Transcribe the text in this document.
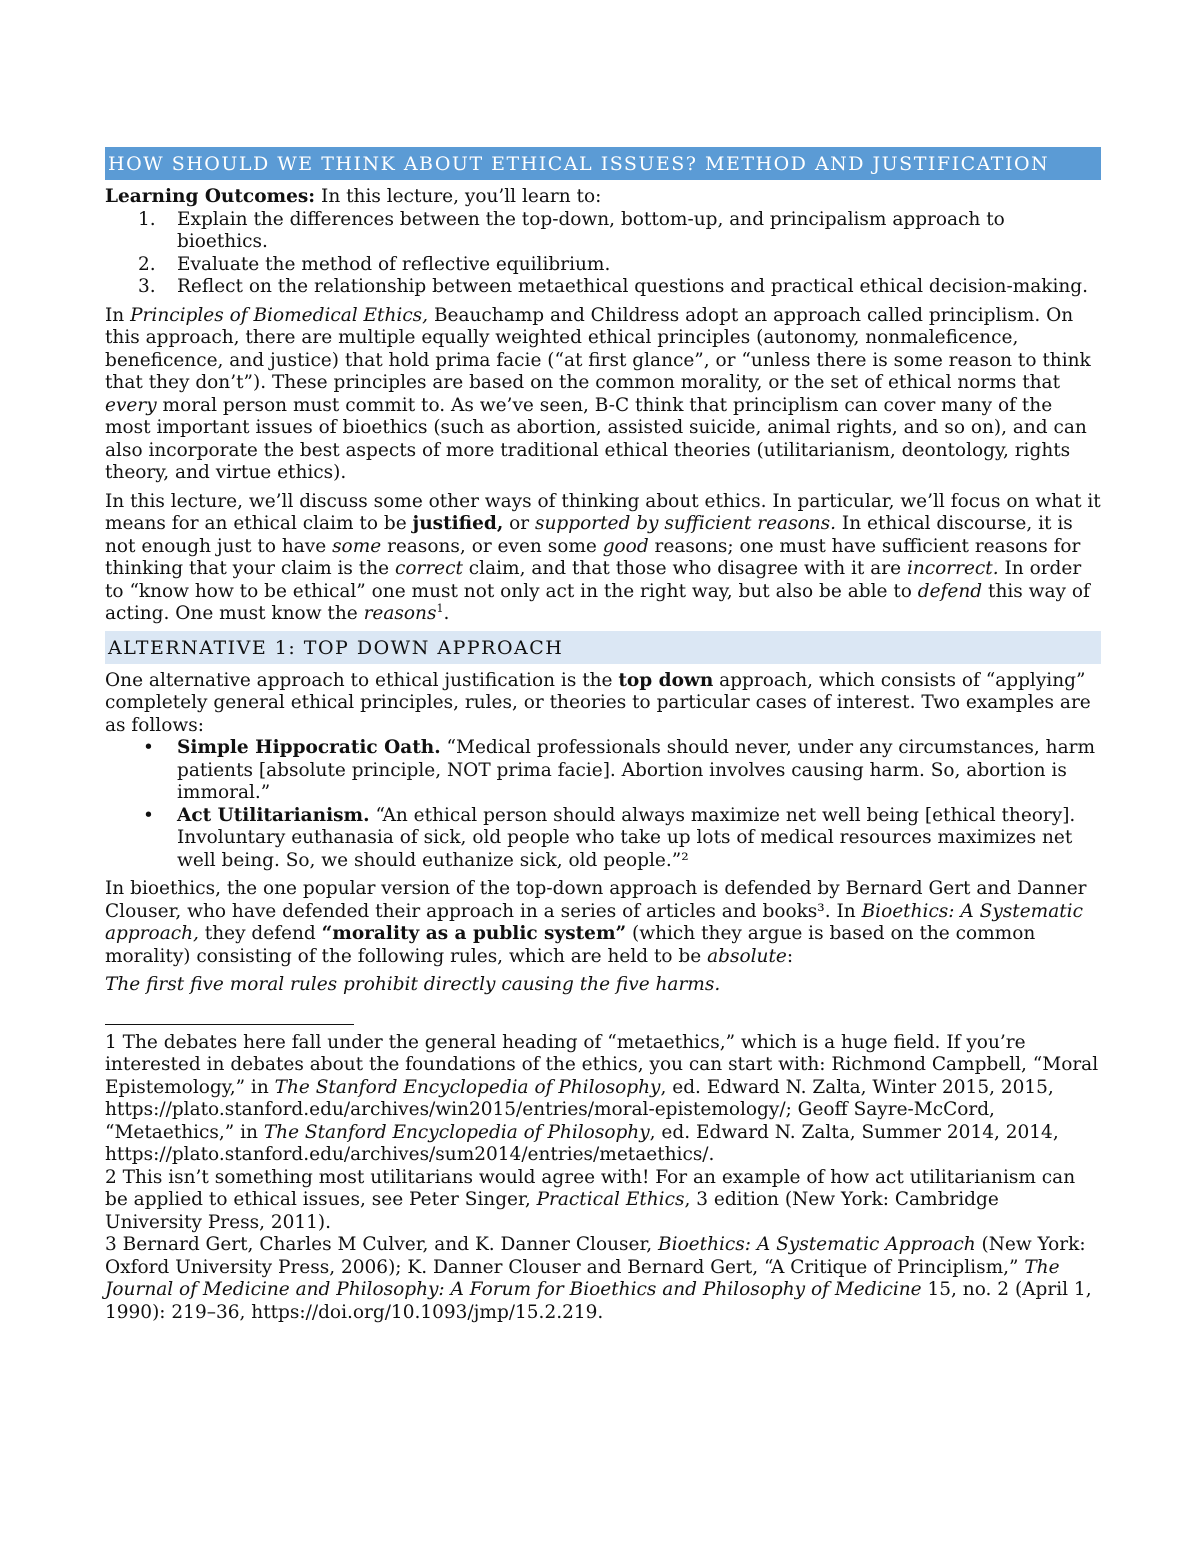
HOW SHOULD WE THINK ABOUT ETHICAL ISSUES? METHOD AND JUSTIFICATION

Learning Outcomes: In this lecture, you’ll learn to:

1. Explain the differences between the top-down, bottom-up, and principalism approach to bioethics.
2. Evaluate the method of reflective equilibrium.
3. Reflect on the relationship between metaethical questions and practical ethical decision-making.

In Principles of Biomedical Ethics, Beauchamp and Childress adopt an approach called principlism. On this approach, there are multiple equally weighted ethical principles (autonomy, nonmaleficence, beneficence, and justice) that hold prima facie (“at first glance”, or “unless there is some reason to think that they don’t”). These principles are based on the common morality, or the set of ethical norms that every moral person must commit to. As we’ve seen, B-C think that principlism can cover many of the most important issues of bioethics (such as abortion, assisted suicide, animal rights, and so on), and can also incorporate the best aspects of more traditional ethical theories (utilitarianism, deontology, rights theory, and virtue ethics).

In this lecture, we’ll discuss some other ways of thinking about ethics. In particular, we’ll focus on what it means for an ethical claim to be justified, or supported by sufficient reasons. In ethical discourse, it is not enough just to have some reasons, or even some good reasons; one must have sufficient reasons for thinking that your claim is the correct claim, and that those who disagree with it are incorrect. In order to “know how to be ethical” one must not only act in the right way, but also be able to defend this way of acting. One must know the reasons$^1$.

ALTERNATIVE 1: TOP DOWN APPROACH

One alternative approach to ethical justification is the top down approach, which consists of “applying” completely general ethical principles, rules, or theories to particular cases of interest. Two examples are as follows:

• Simple Hippocratic Oath. “Medical professionals should never, under any circumstances, harm patients [absolute principle, NOT prima facie]. Abortion involves causing harm. So, abortion is immoral.”
• Act Utilitarianism. “An ethical person should always maximize net well being [ethical theory]. Involuntary euthanasia of sick, old people who take up lots of medical resources maximizes net well being. So, we should euthanize sick, old people.”²

In bioethics, the one popular version of the top-down approach is defended by Bernard Gert and Danner Clouser, who have defended their approach in a series of articles and books³. In Bioethics: A Systematic approach, they defend “morality as a public system” (which they argue is based on the common morality) consisting of the following rules, which are held to be absolute:

The first five moral rules prohibit directly causing the five harms.

1 The debates here fall under the general heading of “metaethics,” which is a huge field. If you’re interested in debates about the foundations of the ethics, you can start with: Richmond Campbell, “Moral Epistemology,” in The Stanford Encyclopedia of Philosophy, ed. Edward N. Zalta, Winter 2015, 2015, https://plato.stanford.edu/archives/win2015/entries/moral-epistemology/; Geoff Sayre-McCord, “Metaethics,” in The Stanford Encyclopedia of Philosophy, ed. Edward N. Zalta, Summer 2014, 2014, https://plato.stanford.edu/archives/sum2014/entries/metaethics/.

2 This isn’t something most utilitarians would agree with! For an example of how act utilitarianism can be applied to ethical issues, see Peter Singer, Practical Ethics, 3 edition (New York: Cambridge University Press, 2011).

3 Bernard Gert, Charles M Culver, and K. Danner Clouser, Bioethics: A Systematic Approach (New York: Oxford University Press, 2006); K. Danner Clouser and Bernard Gert, “A Critique of Principlism,” The Journal of Medicine and Philosophy: A Forum for Bioethics and Philosophy of Medicine 15, no. 2 (April 1, 1990): 219–36, https://doi.org/10.1093/jmp/15.2.219.
